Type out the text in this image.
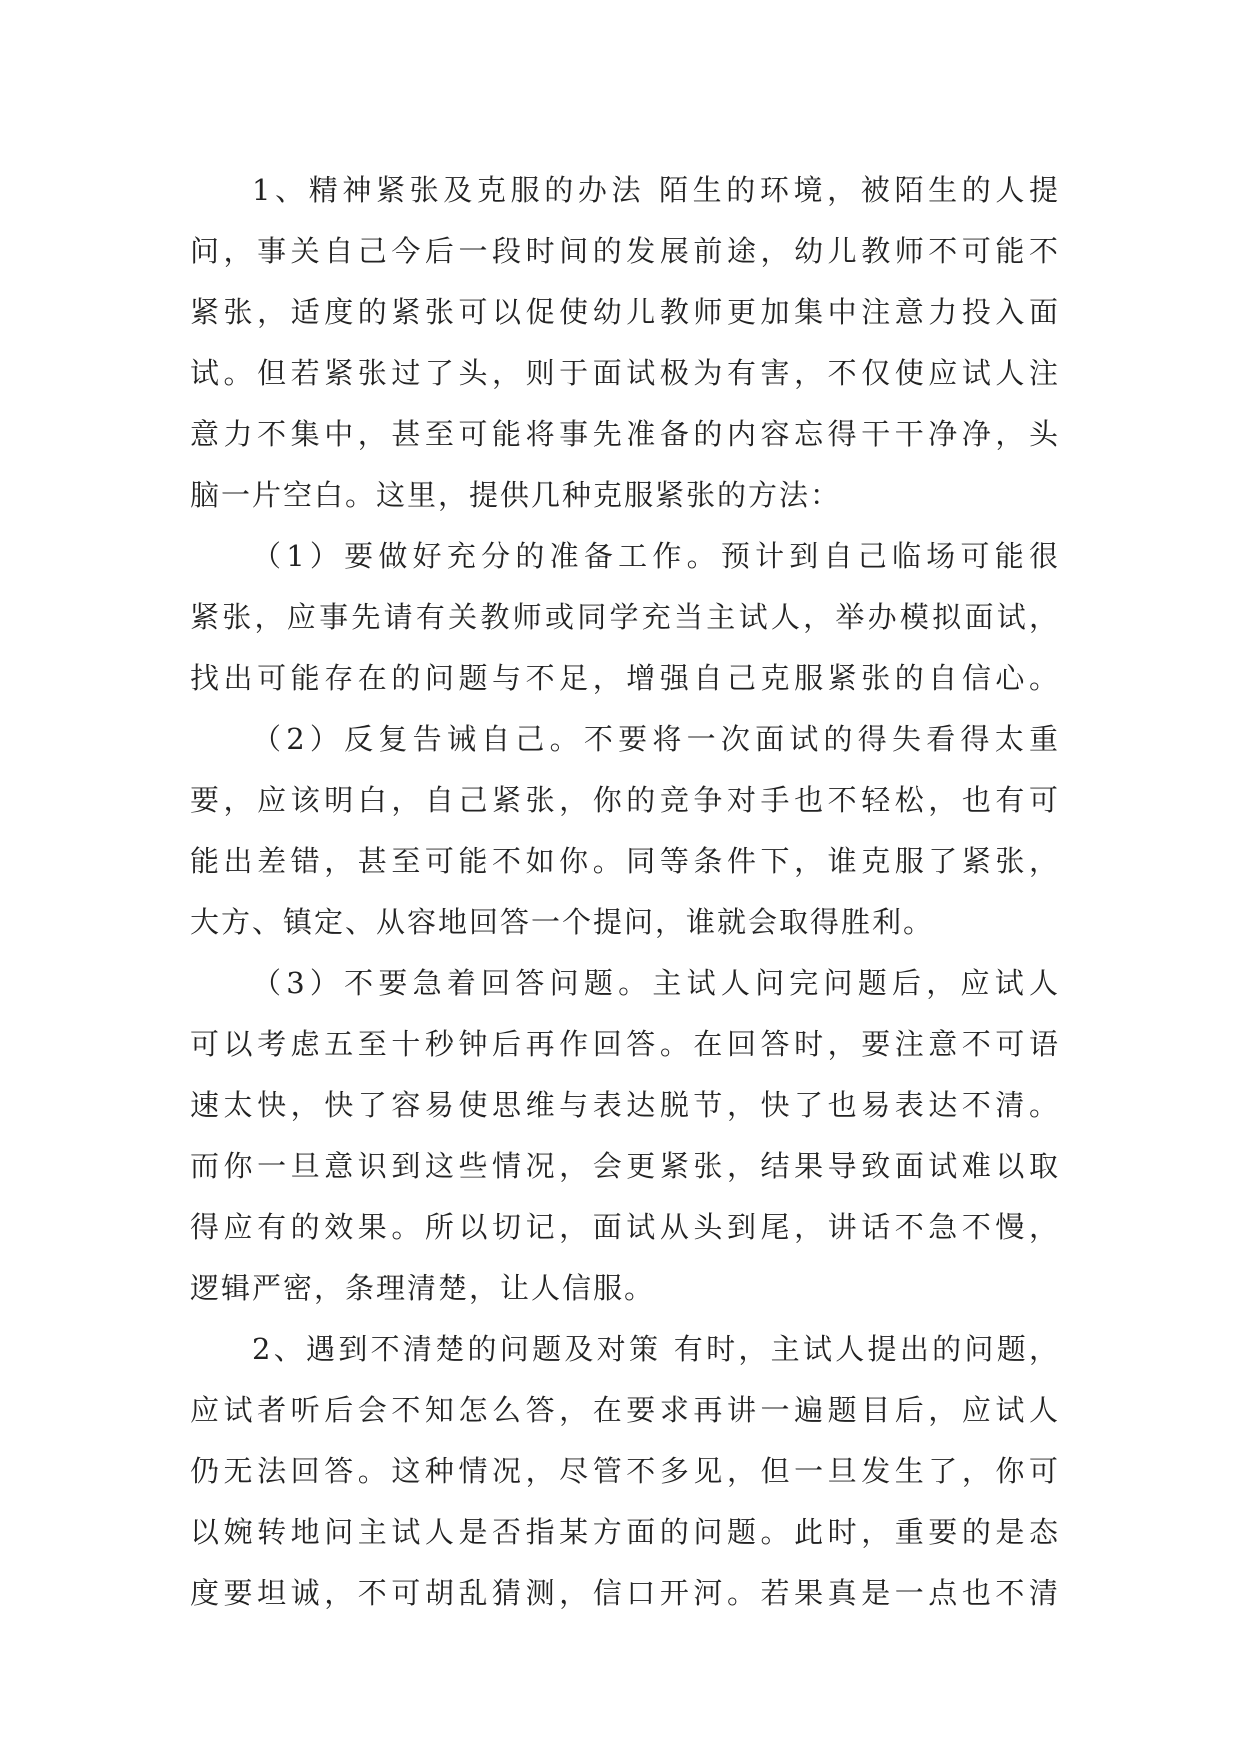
1、精神紧张及克服的办法 陌生的环境，被陌生的人提
问，事关自己今后一段时间的发展前途，幼儿教师不可能不
紧张，适度的紧张可以促使幼儿教师更加集中注意力投入面
试。但若紧张过了头，则于面试极为有害，不仅使应试人注
意力不集中，甚至可能将事先准备的内容忘得干干净净，头
脑一片空白。这里，提供几种克服紧张的方法：
（1）要做好充分的准备工作。预计到自己临场可能很
紧张，应事先请有关教师或同学充当主试人，举办模拟面试，
找出可能存在的问题与不足，增强自己克服紧张的自信心。
（2）反复告诫自己。不要将一次面试的得失看得太重
要，应该明白，自己紧张，你的竞争对手也不轻松，也有可
能出差错，甚至可能不如你。同等条件下，谁克服了紧张，
大方、镇定、从容地回答一个提问，谁就会取得胜利。
（3）不要急着回答问题。主试人问完问题后，应试人
可以考虑五至十秒钟后再作回答。在回答时，要注意不可语
速太快，快了容易使思维与表达脱节，快了也易表达不清。
而你一旦意识到这些情况，会更紧张，结果导致面试难以取
得应有的效果。所以切记，面试从头到尾，讲话不急不慢，
逻辑严密，条理清楚，让人信服。
2、遇到不清楚的问题及对策 有时，主试人提出的问题，
应试者听后会不知怎么答，在要求再讲一遍题目后，应试人
仍无法回答。这种情况，尽管不多见，但一旦发生了，你可
以婉转地问主试人是否指某方面的问题。此时，重要的是态
度要坦诚，不可胡乱猜测，信口开河。若果真是一点也不清
